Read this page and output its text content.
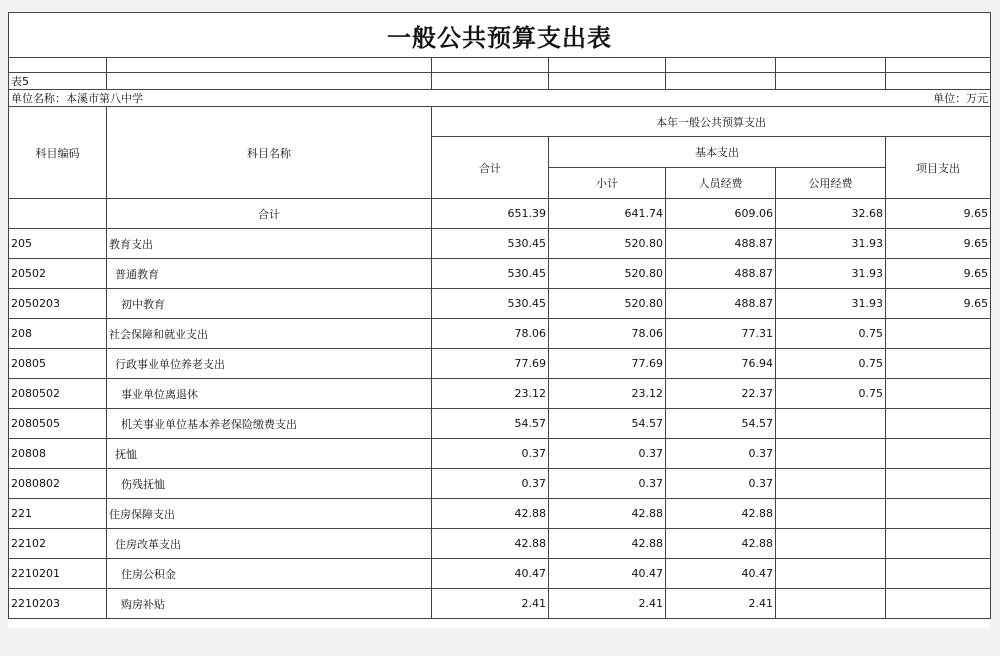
一般公共预算支出表						

表5						
单位名称：本溪市第八中学						单位：万元
科目编码	科目名称	本年一般公共预算支出				
		合计	基本支出			项目支出
			小计	人员经费	公用经费	
	合计	651.39	641.74	609.06	32.68	9.65
205	教育支出	530.45	520.80	488.87	31.93	9.65
20502	普通教育	530.45	520.80	488.87	31.93	9.65
2050203	初中教育	530.45	520.80	488.87	31.93	9.65
208	社会保障和就业支出	78.06	78.06	77.31	0.75	
20805	行政事业单位养老支出	77.69	77.69	76.94	0.75	
2080502	事业单位离退休	23.12	23.12	22.37	0.75	
2080505	机关事业单位基本养老保险缴费支出	54.57	54.57	54.57		
20808	抚恤	0.37	0.37	0.37		
2080802	伤残抚恤	0.37	0.37	0.37		
221	住房保障支出	42.88	42.88	42.88		
22102	住房改革支出	42.88	42.88	42.88		
2210201	住房公积金	40.47	40.47	40.47		
2210203	购房补贴	2.41	2.41	2.41		
